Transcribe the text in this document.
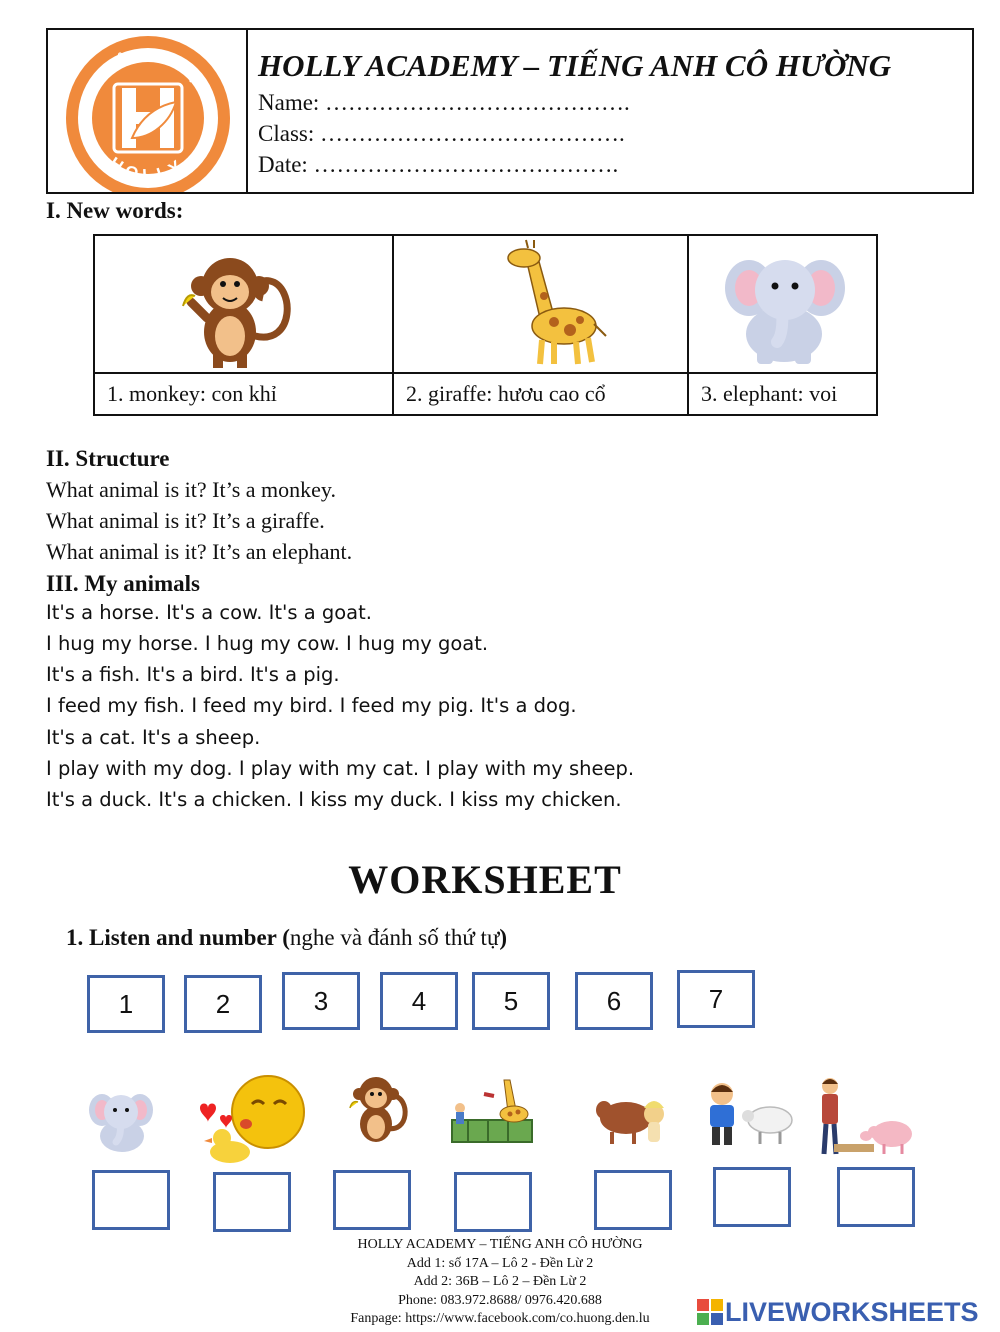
UNG TÂM NGOẠI NG
HOLLY
HOLLY ACADEMY – TIẾNG ANH CÔ HƯỜNG
Name: ………………………………….
Class: ………………………………….
Date: ………………………………….
I. New words:
1. monkey: con khỉ	2. giraffe: hươu cao cổ	3. elephant: voi
II. Structure
What animal is it? It’s a monkey.
What animal is it? It’s a giraffe.
What animal is it? It’s an elephant.
III. My animals
It's a horse. It's a cow. It's a goat.
I hug my horse. I hug my cow. I hug my goat.
It's a fish. It's a bird. It's a pig.
I feed my fish. I feed my bird. I feed my pig. It's a dog.
It's a cat. It's a sheep.
I play with my dog. I play with my cat. I play with my sheep.
It's a duck. It's a chicken. I kiss my duck. I kiss my chicken.
WORKSHEET
1. Listen and number (nghe và đánh số thứ tự)
1	2	3	4	5	6	7
HOLLY ACADEMY – TIẾNG ANH CÔ HƯỜNG
Add 1: số 17A – Lô 2 - Đền Lừ 2
Add 2: 36B – Lô 2 – Đền Lừ 2
Phone: 083.972.8688/ 0976.420.688
Fanpage: https://www.facebook.com/co.huong.den.lu	LIVEWORKSHEETS
